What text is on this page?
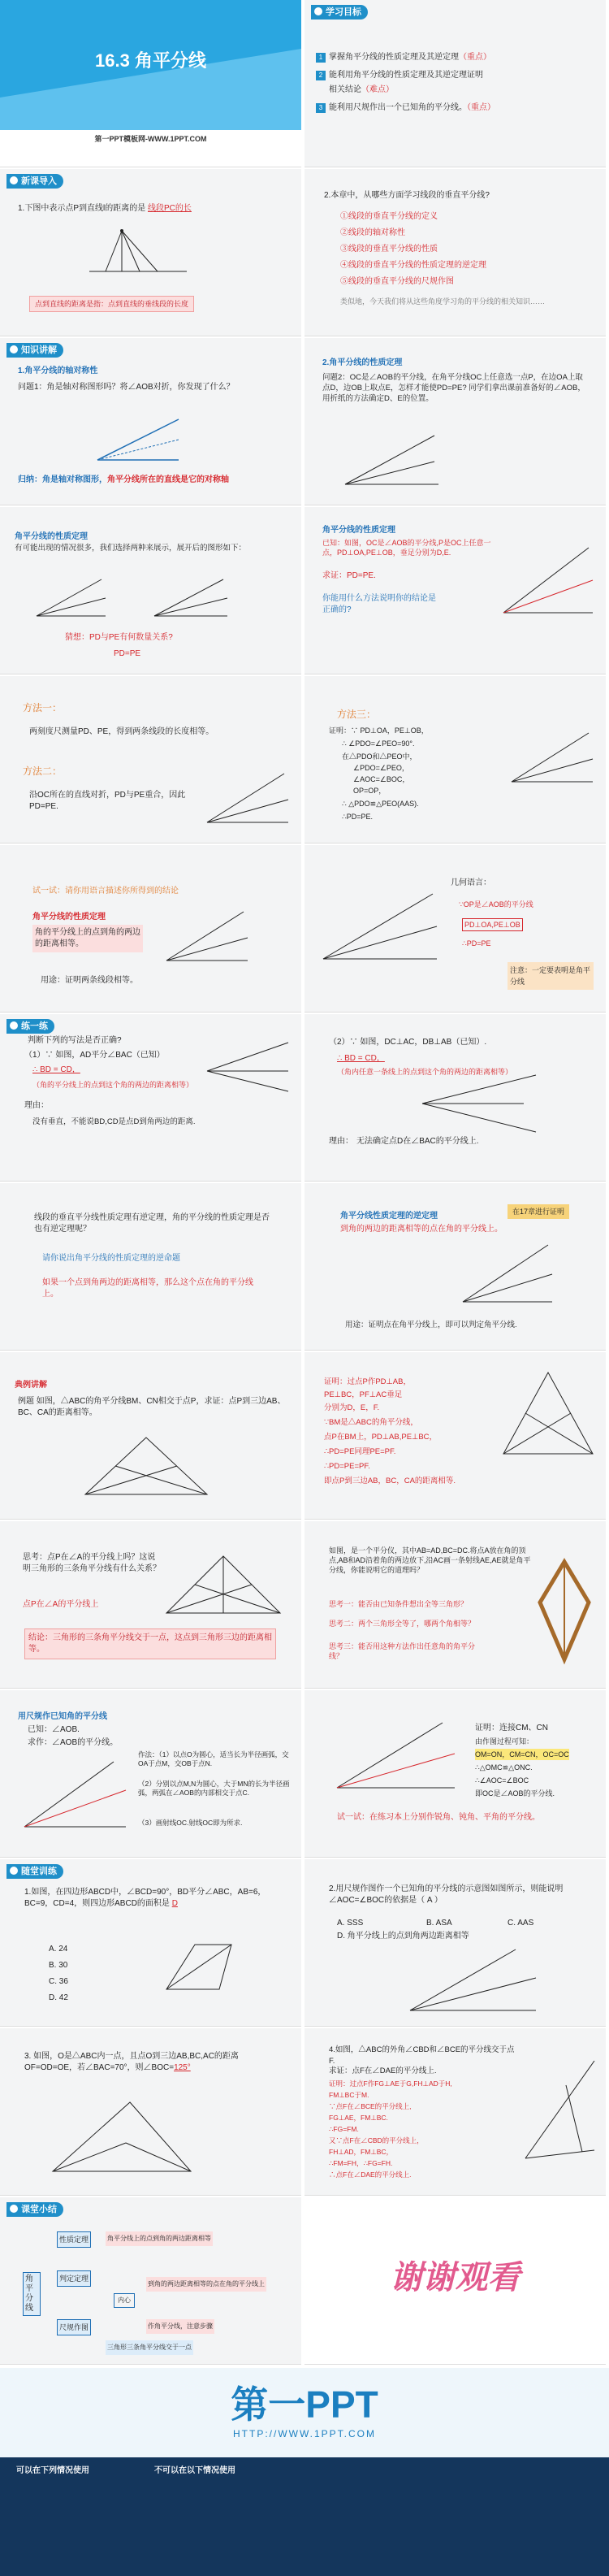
16.3 角平分线
第一PPT模板网-WWW.1PPT.COM
学习目标
1 掌握角平分线的性质定理及其逆定理（重点）
2 能利用角平分线的性质定理及其逆定理证明
相关结论（难点）
3 能利用尺规作出一个已知角的平分线。（重点）
新课导入
1.下图中表示点P到直线l的距离的是 线段PC的长
点到直线的距离是指：点到直线的垂线段的长度
2.本章中，从哪些方面学习线段的垂直平分线?
①线段的垂直平分线的定义
②线段的轴对称性
③线段的垂直平分线的性质
④线段的垂直平分线的性质定理的逆定理
⑤线段的垂直平分线的尺规作图
类似地，今天我们将从这些角度学习角的平分线的相关知识……
知识讲解
1.角平分线的轴对称性
问题1：角是轴对称图形吗？将∠AOB对折，你发现了什么？
归纳：角是轴对称图形，角平分线所在的直线是它的对称轴
2.角平分线的性质定理
问题2：OC是∠AOB的平分线，在角平分线OC上任意选一点P，在边OA上取点D，边OB上取点E，怎样才能使PD=PE? 同学们拿出课前准备好的∠AOB，用折纸的方法确定D、E的位置。
角平分线的性质定理
有可能出现的情况很多，我们选择两种来展示，展开后的图形如下：
猜想：PD与PE有何数量关系?
PD=PE
角平分线的性质定理
已知：如图，OC是∠AOB的平分线,P是OC上任意一点，PD⊥OA,PE⊥OB，垂足分别为D,E.
求证：PD=PE.
你能用什么方法说明你的结论是正确的?
方法一：
两刻度尺测量PD、PE，得到两条线段的长度相等。
方法二：
沿OC所在的直线对折，PD与PE重合，因此PD=PE.
方法三：
证明：∵ PD⊥OA，PE⊥OB，
∴ ∠PDO=∠PEO=90°.
在△PDO和△PEO中，
∠PDO=∠PEO，
∠AOC=∠BOC，
OP=OP，
∴ △PDO≌△PEO(AAS).
∴PD=PE.
试一试：请你用语言描述你所得到的结论
角平分线的性质定理
角的平分线上的点到角的两边的距离相等。
用途：证明两条线段相等。
几何语言：
∵OP是∠AOB的平分线
PD⊥OA,PE⊥OB
∴PD=PE
注意：一定要表明是角平分线
练一练
判断下列的写法是否正确?
（1）∵ 如图，AD平分∠BAC（已知）
∴ BD = CD，
（角的平分线上的点到这个角的两边的距离相等）
理由：
没有垂直，不能说BD,CD是点D到角两边的距离.
（2）∵ 如图，DC⊥AC，DB⊥AB（已知）.
∴ BD = CD，
（角内任意一条线上的点到这个角的两边的距离相等）
理由： 无法确定点D在∠BAC的平分线上.
线段的垂直平分线性质定理有逆定理，角的平分线的性质定理是否也有逆定理呢？
请你说出角平分线的性质定理的逆命题
如果一个点到角两边的距离相等，那么这个点在角的平分线上。
角平分线性质定理的逆定理	在17章进行证明
到角的两边的距离相等的点在角的平分线上。
用途：证明点在角平分线上，即可以判定角平分线.
典例讲解
例题 如图，△ABC的角平分线BM、CN相交于点P，求证：点P到三边AB、BC、CA的距离相等。
证明：过点P作PD⊥AB，
PE⊥BC，PF⊥AC垂足
分别为D，E，F.
∵BM是△ABC的角平分线，
点P在BM上，PD⊥AB,PE⊥BC，
∴PD=PE同理PE=PF.
∴PD=PE=PF.
即点P到三边AB，BC，CA的距离相等.
思考：点P在∠A的平分线上吗？这说明三角形的三条角平分线有什么关系？
点P在∠A的平分线上
结论：三角形的三条角平分线交于一点，这点到三角形三边的距离相等。
如图，是一个平分仪，其中AB=AD,BC=DC.将点A放在角的顶点,AB和AD沿着角的两边放下,沿AC画一条射线AE,AE就是角平分线，你能说明它的道理吗？
思考一：能否由已知条件想出全等三角形？
思考二：两个三角形全等了，哪两个角相等？
思考三：能否用这种方法作出任意角的角平分线？
用尺规作已知角的平分线
已知：∠AOB.
求作：∠AOB的平分线。
作法：（1）以点O为圆心，适当长为半径画弧，交OA于点M，交OB于点N.
（2）分别以点M,N为圆心，大于MN的长为半径画弧，两弧在∠AOB的内部相交于点C.
（3）画射线OC.射线OC即为所求.
证明：连接CM、CN
由作图过程可知：
OM=ON，CM=CN，OC=OC
∴△OMC≌△ONC.
∴∠AOC=∠BOC
即OC是∠AOB的平分线.
试一试：在练习本上分别作锐角、钝角、平角的平分线。
随堂训练
1.如图，在四边形ABCD中，∠BCD=90°，BD平分∠ABC，AB=6，BC=9，CD=4，则四边形ABCD的面积是 D
A. 24
B. 30
C. 36
D. 42
2.用尺规作图作一个已知角的平分线的示意图如图所示，则能说明∠AOC=∠BOC的依据是（ A ）
A. SSS	B. ASA	C. AAS
D. 角平分线上的点到角两边距离相等
3. 如图，O是△ABC内一点，且点O到三边AB,BC,AC的距离OF=OD=OE，若∠BAC=70°，则∠BOC=125°
4.如图，△ABC的外角∠CBD和∠BCE的平分线交于点F.
求证：点F在∠DAE的平分线上.
证明：过点F作FG⊥AE于G,FH⊥AD于H,
FM⊥BC于M.
∵点F在∠BCE的平分线上,
FG⊥AE，FM⊥BC.
∴FG=FM.
又∵点F在∠CBD的平分线上，
FH⊥AD，FM⊥BC，
∴FM=FH，∴FG=FH.
∴点F在∠DAE的平分线上.
课堂小结
角平分线
性质定理
判定定理
尺规作图
角平分线上的点到角的两边距离相等
到角的两边距离相等的点在角的平分线上
作角平分线，注意步骤
三角形三条角平分线交于一点
内心
谢谢观看
第一PPT
HTTP://WWW.1PPT.COM
可以在下列情况使用	不可以在以下情况使用
